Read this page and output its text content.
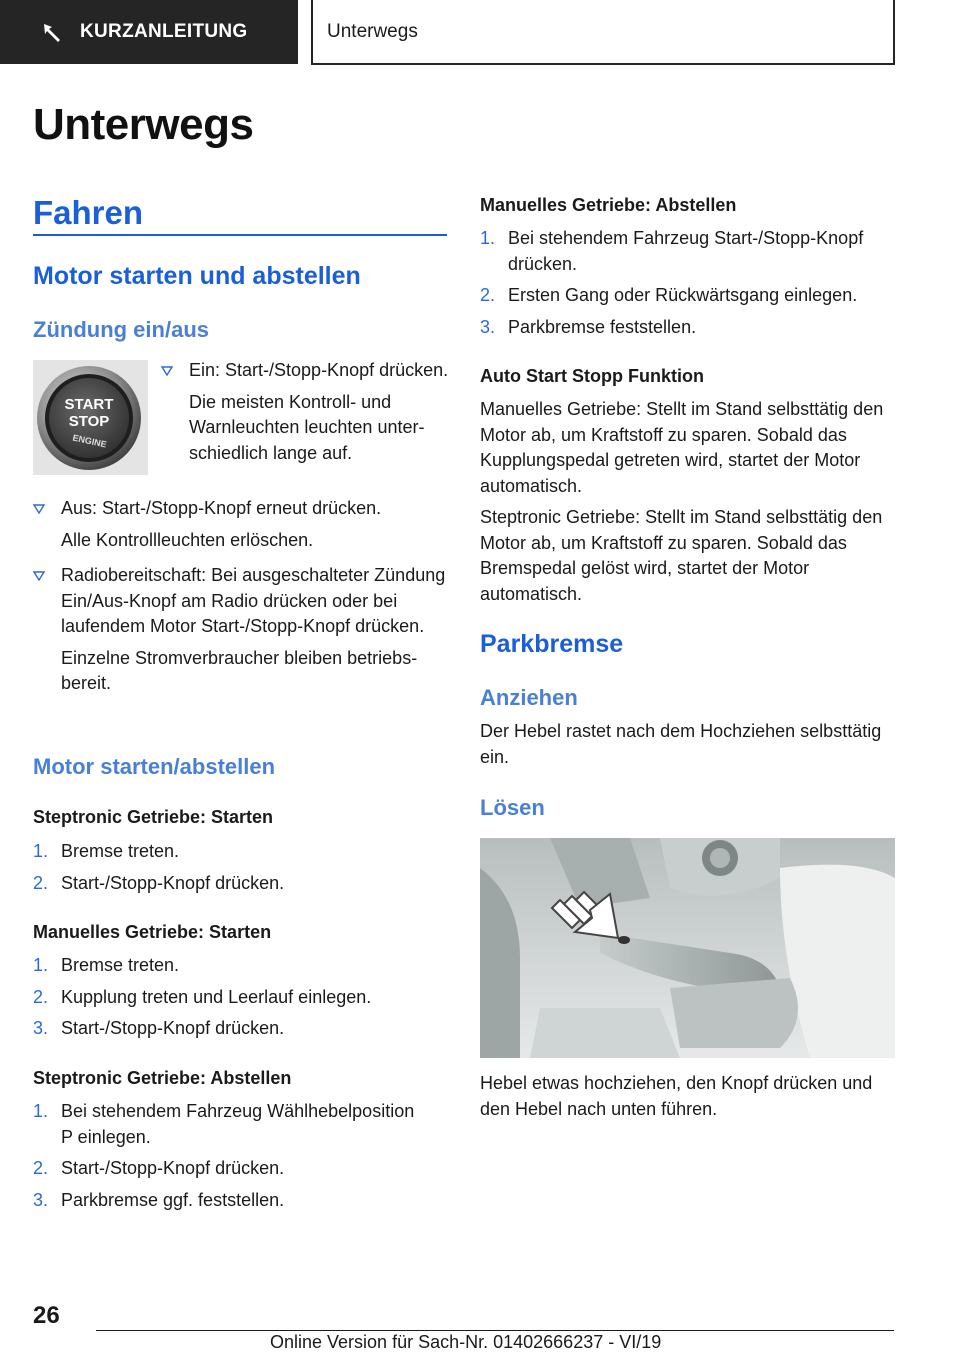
KURZANLEITUNG	Unterwegs
Unterwegs
Fahren
Motor starten und abstellen
Zündung ein/aus
START
STOP
ENGINE
Ein: Start-/Stopp-Knopf drücken.

Die meisten Kontroll- und Warnleuchten leuchten unterschiedlich lange auf.

Aus: Start-/Stopp-Knopf erneut drücken.

Alle Kontrollleuchten erlöschen.

Radiobereitschaft: Bei ausgeschalteter Zündung Ein/Aus-Knopf am Radio drücken oder bei laufendem Motor Start-/Stopp-Knopf drücken.

Einzelne Stromverbraucher bleiben betriebsbereit.

Motor starten/abstellen
Steptronic Getriebe: Starten
1. Bremse treten.
2. Start-/Stopp-Knopf drücken.
Manuelles Getriebe: Starten
1. Bremse treten.
2. Kupplung treten und Leerlauf einlegen.
3. Start-/Stopp-Knopf drücken.
Steptronic Getriebe: Abstellen
1. Bei stehendem Fahrzeug Wählhebelposition P einlegen.
2. Start-/Stopp-Knopf drücken.
3. Parkbremse ggf. feststellen.
Manuelles Getriebe: Abstellen
1. Bei stehendem Fahrzeug Start-/Stopp-Knopf drücken.
2. Ersten Gang oder Rückwärtsgang einlegen.
3. Parkbremse feststellen.
Auto Start Stopp Funktion

Manuelles Getriebe: Stellt im Stand selbsttätig den Motor ab, um Kraftstoff zu sparen. Sobald das Kupplungspedal getreten wird, startet der Motor automatisch.

Steptronic Getriebe: Stellt im Stand selbsttätig den Motor ab, um Kraftstoff zu sparen. Sobald das Bremspedal gelöst wird, startet der Motor automatisch.

Parkbremse
Anziehen

Der Hebel rastet nach dem Hochziehen selbsttätig ein.

Lösen

Hebel etwas hochziehen, den Knopf drücken und den Hebel nach unten führen.

26
Online Version für Sach-Nr. 01402666237 - VI/19
